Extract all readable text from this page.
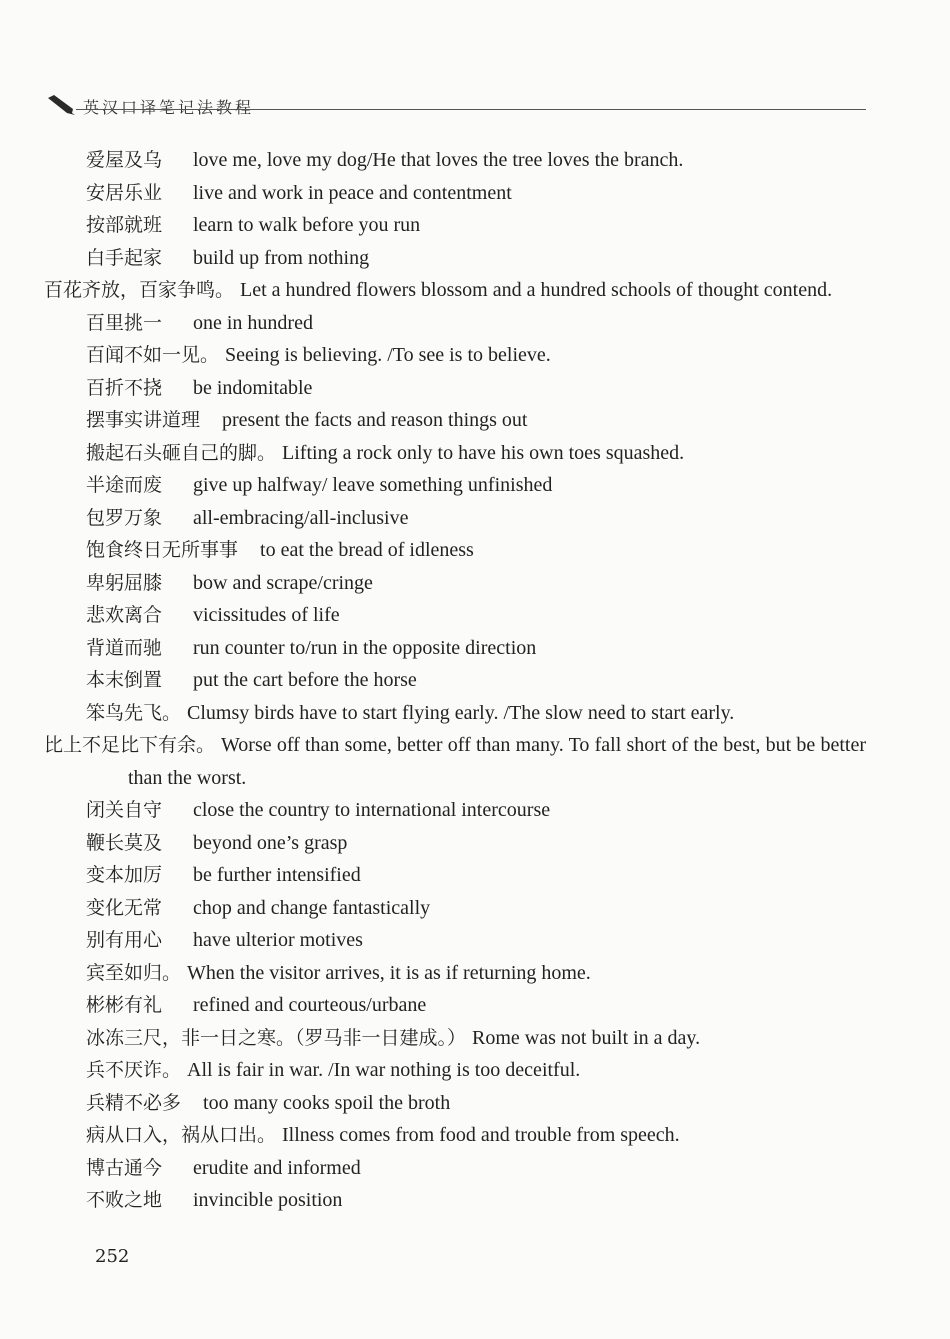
英汉口译笔记法教程
爱屋及乌 love me, love my dog/He that loves the tree loves the branch.
安居乐业 live and work in peace and contentment
按部就班 learn to walk before you run
白手起家 build up from nothing
百花齐放，百家争鸣。 Let a hundred flowers blossom and a hundred schools of thought contend.
百里挑一 one in hundred
百闻不如一见。 Seeing is believing. /To see is to believe.
百折不挠 be indomitable
摆事实讲道理 present the facts and reason things out
搬起石头砸自己的脚。 Lifting a rock only to have his own toes squashed.
半途而废 give up halfway/ leave something unfinished
包罗万象 all-embracing/all-inclusive
饱食终日无所事事 to eat the bread of idleness
卑躬屈膝 bow and scrape/cringe
悲欢离合 vicissitudes of life
背道而驰 run counter to/run in the opposite direction
本末倒置 put the cart before the horse
笨鸟先飞。 Clumsy birds have to start flying early. /The slow need to start early.
比上不足比下有余。 Worse off than some, better off than many. To fall short of the best, but be better than the worst.
闭关自守 close the country to international intercourse
鞭长莫及 beyond one’s grasp
变本加厉 be further intensified
变化无常 chop and change fantastically
别有用心 have ulterior motives
宾至如归。 When the visitor arrives, it is as if returning home.
彬彬有礼 refined and courteous/urbane
冰冻三尺，非一日之寒。（罗马非一日建成。） Rome was not built in a day.
兵不厌诈。 All is fair in war. /In war nothing is too deceitful.
兵精不必多 too many cooks spoil the broth
病从口入，祸从口出。 Illness comes from food and trouble from speech.
博古通今 erudite and informed
不败之地 invincible position
252
